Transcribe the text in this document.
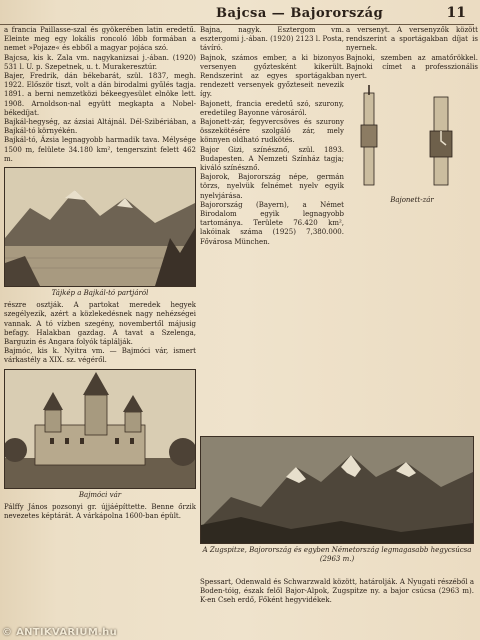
Bajcsa — Bajorország	11

a francia Paillasse-szal és gyökerében latin eredetű. Eleinte meg egy lokális roncoló lőbb formában a nemet »Pojaze« és ebből a magyar pojáca szó.

Bajcsa, kis k. Zala vm. nagykanizsai j.-ában. (1920) 531 l. U. p. Szepetnek, u. t. Murakeresztúr.

Bajer, Fredrik, dán békebarát, szül. 1837, megh. 1922. Először tiszt, volt a dán birodalmi gyűlés tagja. 1891. a berni nemzetközi békeegyesület elnöke lett. 1908. Arnoldson-nal együtt megkapta a Nobel-békedíjat.

Bajkál-hegység, az ázsiai Altájnál. Dél-Szibériában, a Bajkál-tó környékén.

Bajkál-tó, Ázsia legnagyobb harmadik tava. Mélysége 1500 m, felülete 34.180 km², tengerszint felett 462 m.

Tájkép a Bajkál-tó partjáról

részre osztják. A partokat meredek hegyek szegélyezik, azért a közlekedésnek nagy nehézségei vannak. A tó vízben szegény, novembertől májusig befagy. Halakban gazdag. A tavat a Szelenga, Barguzin és Angara folyók táplálják.

Bajmóc, kis k. Nyitra vm. — Bajmóci vár, ismert várkastély a XIX. sz. végéről.

Bajmóci vár

Pálffy János pozsonyi gr. újjáépíttette. Benne őrzik nevezetes képtárát. A várkápolna 1600-ban épült.

Bajna, nagyk. Esztergom vm. esztergomi j.-ában. (1920) 2123 l. Posta, távíró.

Bajnok, számos ember, a ki bizonyos versenyen győztesként kikerült. Rendszerint az egyes sportágakban rendezett versenyek győzteseit nevezik így.

Bajonett, francia eredetű szó, szurony, eredetileg Bayonne városáról.

Bajonett-zár, fegyvercsöves és szurony összekötésére szolgáló zár, mely könnyen oldható rudkötés.

Bajor Gizi, színésznő, szül. 1893. Budapesten. A Nemzeti Színház tagja; kiváló színésznő.

Bajorok, Bajorország népe, germán törzs, nyelvük felnémet nyelv egyik nyelvjárása.

Bajorország (Bayern), a Német Birodalom egyik legnagyobb tartománya. Területe 76.420 km², lakóinak száma (1925) 7,380.000. Fővárosa München.

a versenyt. A versenyzők között rendszerint a sportágakban díjat is nyernek.

Bajnoki, szemben az amatőrökkel. Bajnoki címet a professzionális nyert.

Bajonett-zár
A Zugspitze, Bajorország és egyben Németország legmagasabb hegycsúcsa (2963 m.)

Spessart, Odenwald és Schwarzwald között, határolják. A Nyugati részéből a Boden-tóig, észak felől Bajor-Alpok, Zugspitze ny. a bajor csúcsa (2963 m). K-en Cseh erdő, Főként hegyvidékek.

© ANTIKVARIUM.hu
